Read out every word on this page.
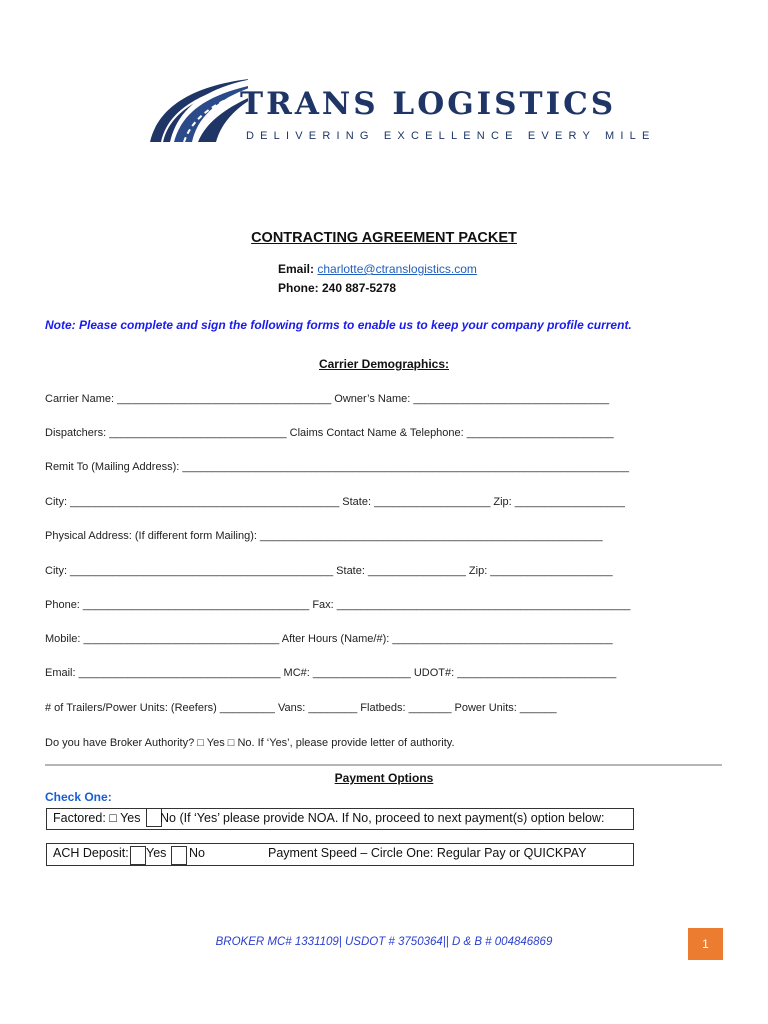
TRANS LOGISTICS
DELIVERING EXCELLENCE EVERY MILE
CONTRACTING AGREEMENT PACKET
Email: charlotte@ctranslogistics.com
Phone: 240 887-5278
Note: Please complete and sign the following forms to enable us to keep your company profile current.
Carrier Demographics:
Carrier Name: ___________________________________ Owner’s Name: ________________________________
Dispatchers: _____________________________ Claims Contact Name & Telephone: ________________________
Remit To (Mailing Address): _________________________________________________________________________
City: ____________________________________________ State: ___________________ Zip: __________________
Physical Address: (If different form Mailing): ________________________________________________________
City: ___________________________________________ State: ________________ Zip: ____________________
Phone: _____________________________________ Fax: ________________________________________________
Mobile: ________________________________ After Hours (Name/#): ____________________________________
Email: _________________________________ MC#: ________________ UDOT#: __________________________
# of Trailers/Power Units: (Reefers) _________ Vans: ________ Flatbeds: _______ Power Units: ______
Do you have Broker Authority? □ Yes □ No. If ‘Yes’, please provide letter of authority.
Payment Options
Check One:
Factored: □ Yes No (If ‘Yes’ please provide NOA. If No, proceed to next payment(s) option below:
ACH Deposit: Yes No	Payment Speed – Circle One: Regular Pay or QUICKPAY
BROKER MC# 1331109| USDOT # 3750364|| D & B # 004846869	1
